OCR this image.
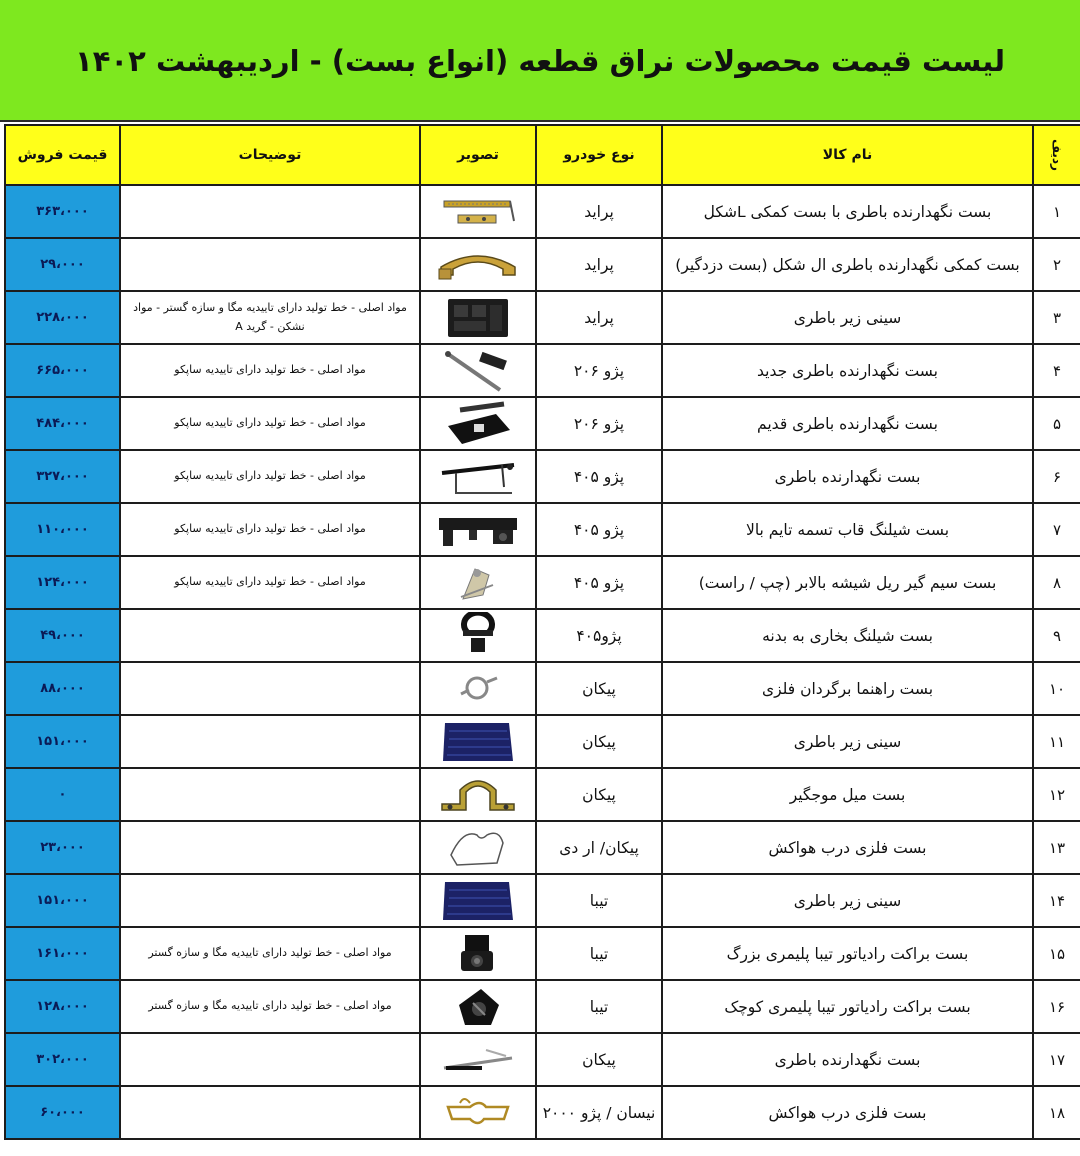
لیست قیمت محصولات نراق قطعه (انواع بست) - اردیبهشت ۱۴۰۲
ردیف	نام کالا	نوع خودرو	تصویر	توضیحات	قیمت فروش
۱	بست نگهدارنده باطری با بست کمکی Lشکل	پراید			۳۶۳،۰۰۰
۲	بست کمکی نگهدارنده باطری ال شکل (بست دزدگیر)	پراید			۲۹،۰۰۰
۳	سینی زیر باطری	پراید		مواد اصلی - خط تولید دارای تاییدیه مگا و سازه گستر - مواد نشکن - گرید A	۲۲۸،۰۰۰
۴	بست نگهدارنده باطری جدید	پژو ۲۰۶		مواد اصلی - خط تولید دارای تاییدیه ساپکو	۶۶۵،۰۰۰
۵	بست نگهدارنده باطری قدیم	پژو ۲۰۶		مواد اصلی - خط تولید دارای تاییدیه ساپکو	۴۸۴،۰۰۰
۶	بست نگهدارنده باطری	پژو ۴۰۵		مواد اصلی - خط تولید دارای تاییدیه ساپکو	۳۲۷،۰۰۰
۷	بست شیلنگ قاب تسمه تایم بالا	پژو ۴۰۵		مواد اصلی - خط تولید دارای تاییدیه ساپکو	۱۱۰،۰۰۰
۸	بست سیم گیر ریل شیشه بالابر (چپ / راست)	پژو ۴۰۵		مواد اصلی - خط تولید دارای تاییدیه ساپکو	۱۲۴،۰۰۰
۹	بست شیلنگ بخاری به بدنه	پژو۴۰۵			۴۹،۰۰۰
۱۰	بست راهنما برگردان فلزی	پیکان			۸۸،۰۰۰
۱۱	سینی زیر باطری	پیکان			۱۵۱،۰۰۰
۱۲	بست میل موجگیر	پیکان			۰
۱۳	بست فلزی درب هواکش	پیکان/ ار دی			۲۳،۰۰۰
۱۴	سینی زیر باطری	تیبا			۱۵۱،۰۰۰
۱۵	بست براکت رادیاتور تیبا پلیمری بزرگ	تیبا		مواد اصلی - خط تولید دارای تاییدیه مگا و سازه گستر	۱۶۱،۰۰۰
۱۶	بست براکت رادیاتور تیبا پلیمری کوچک	تیبا		مواد اصلی - خط تولید دارای تاییدیه مگا و سازه گستر	۱۲۸،۰۰۰
۱۷	بست نگهدارنده باطری	پیکان			۳۰۲،۰۰۰
۱۸	بست فلزی درب هواکش	نیسان / پژو ۲۰۰۰			۶۰،۰۰۰
